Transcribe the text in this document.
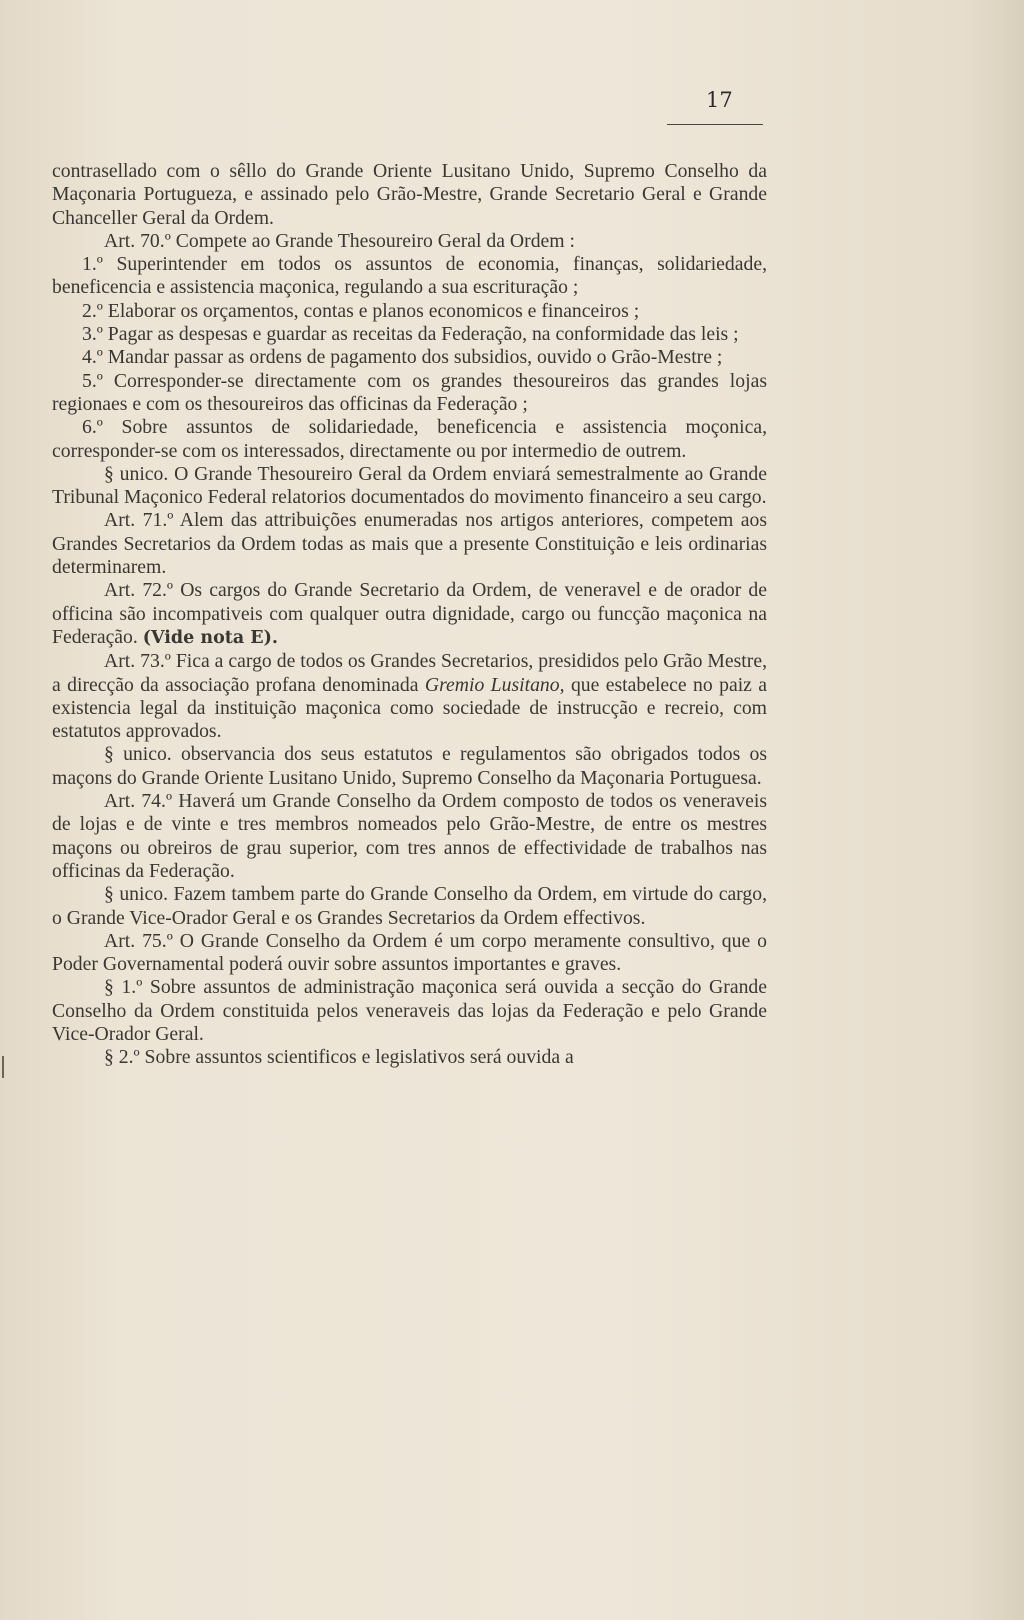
17

contrasellado com o sêllo do Grande Oriente Lusitano Unido, Supremo Conselho da Maçonaria Portugueza, e assinado pelo Grão-Mestre, Grande Secretario Geral e Grande Chanceller Geral da Ordem.

Art. 70.º Compete ao Grande Thesoureiro Geral da Ordem :

1.º Superintender em todos os assuntos de economia, finanças, solidariedade, beneficencia e assistencia maçonica, regulando a sua escrituração ;

2.º Elaborar os orçamentos, contas e planos economicos e financeiros ;

3.º Pagar as despesas e guardar as receitas da Federação, na conformidade das leis ;

4.º Mandar passar as ordens de pagamento dos subsidios, ouvido o Grão-Mestre ;

5.º Corresponder-se directamente com os grandes thesoureiros das grandes lojas regionaes e com os thesoureiros das officinas da Federação ;

6.º Sobre assuntos de solidariedade, beneficencia e assistencia moçonica, corresponder-se com os interessados, directamente ou por intermedio de outrem.

§ unico. O Grande Thesoureiro Geral da Ordem enviará semestralmente ao Grande Tribunal Maçonico Federal relatorios documentados do movimento financeiro a seu cargo.

Art. 71.º Alem das attribuições enumeradas nos artigos anteriores, competem aos Grandes Secretarios da Ordem todas as mais que a presente Constituição e leis ordinarias determinarem.

Art. 72.º Os cargos do Grande Secretario da Ordem, de veneravel e de orador de officina são incompativeis com qualquer outra dignidade, cargo ou funcção maçonica na Federação. (Vide nota E).

Art. 73.º Fica a cargo de todos os Grandes Secretarios, presididos pelo Grão Mestre, a direcção da associação profana denominada Gremio Lusitano, que estabelece no paiz a existencia legal da instituição maçonica como sociedade de instrucção e recreio, com estatutos approvados.

§ unico. observancia dos seus estatutos e regulamentos são obrigados todos os maçons do Grande Oriente Lusitano Unido, Supremo Conselho da Maçonaria Portuguesa.

Art. 74.º Haverá um Grande Conselho da Ordem composto de todos os veneraveis de lojas e de vinte e tres membros nomeados pelo Grão-Mestre, de entre os mestres maçons ou obreiros de grau superior, com tres annos de effectividade de trabalhos nas officinas da Federação.

§ unico. Fazem tambem parte do Grande Conselho da Ordem, em virtude do cargo, o Grande Vice-Orador Geral e os Grandes Secretarios da Ordem effectivos.

Art. 75.º O Grande Conselho da Ordem é um corpo meramente consultivo, que o Poder Governamental poderá ouvir sobre assuntos importantes e graves.

§ 1.º Sobre assuntos de administração maçonica será ouvida a secção do Grande Conselho da Ordem constituida pelos veneraveis das lojas da Federação e pelo Grande Vice-Orador Geral.

§ 2.º Sobre assuntos scientificos e legislativos será ouvida a
